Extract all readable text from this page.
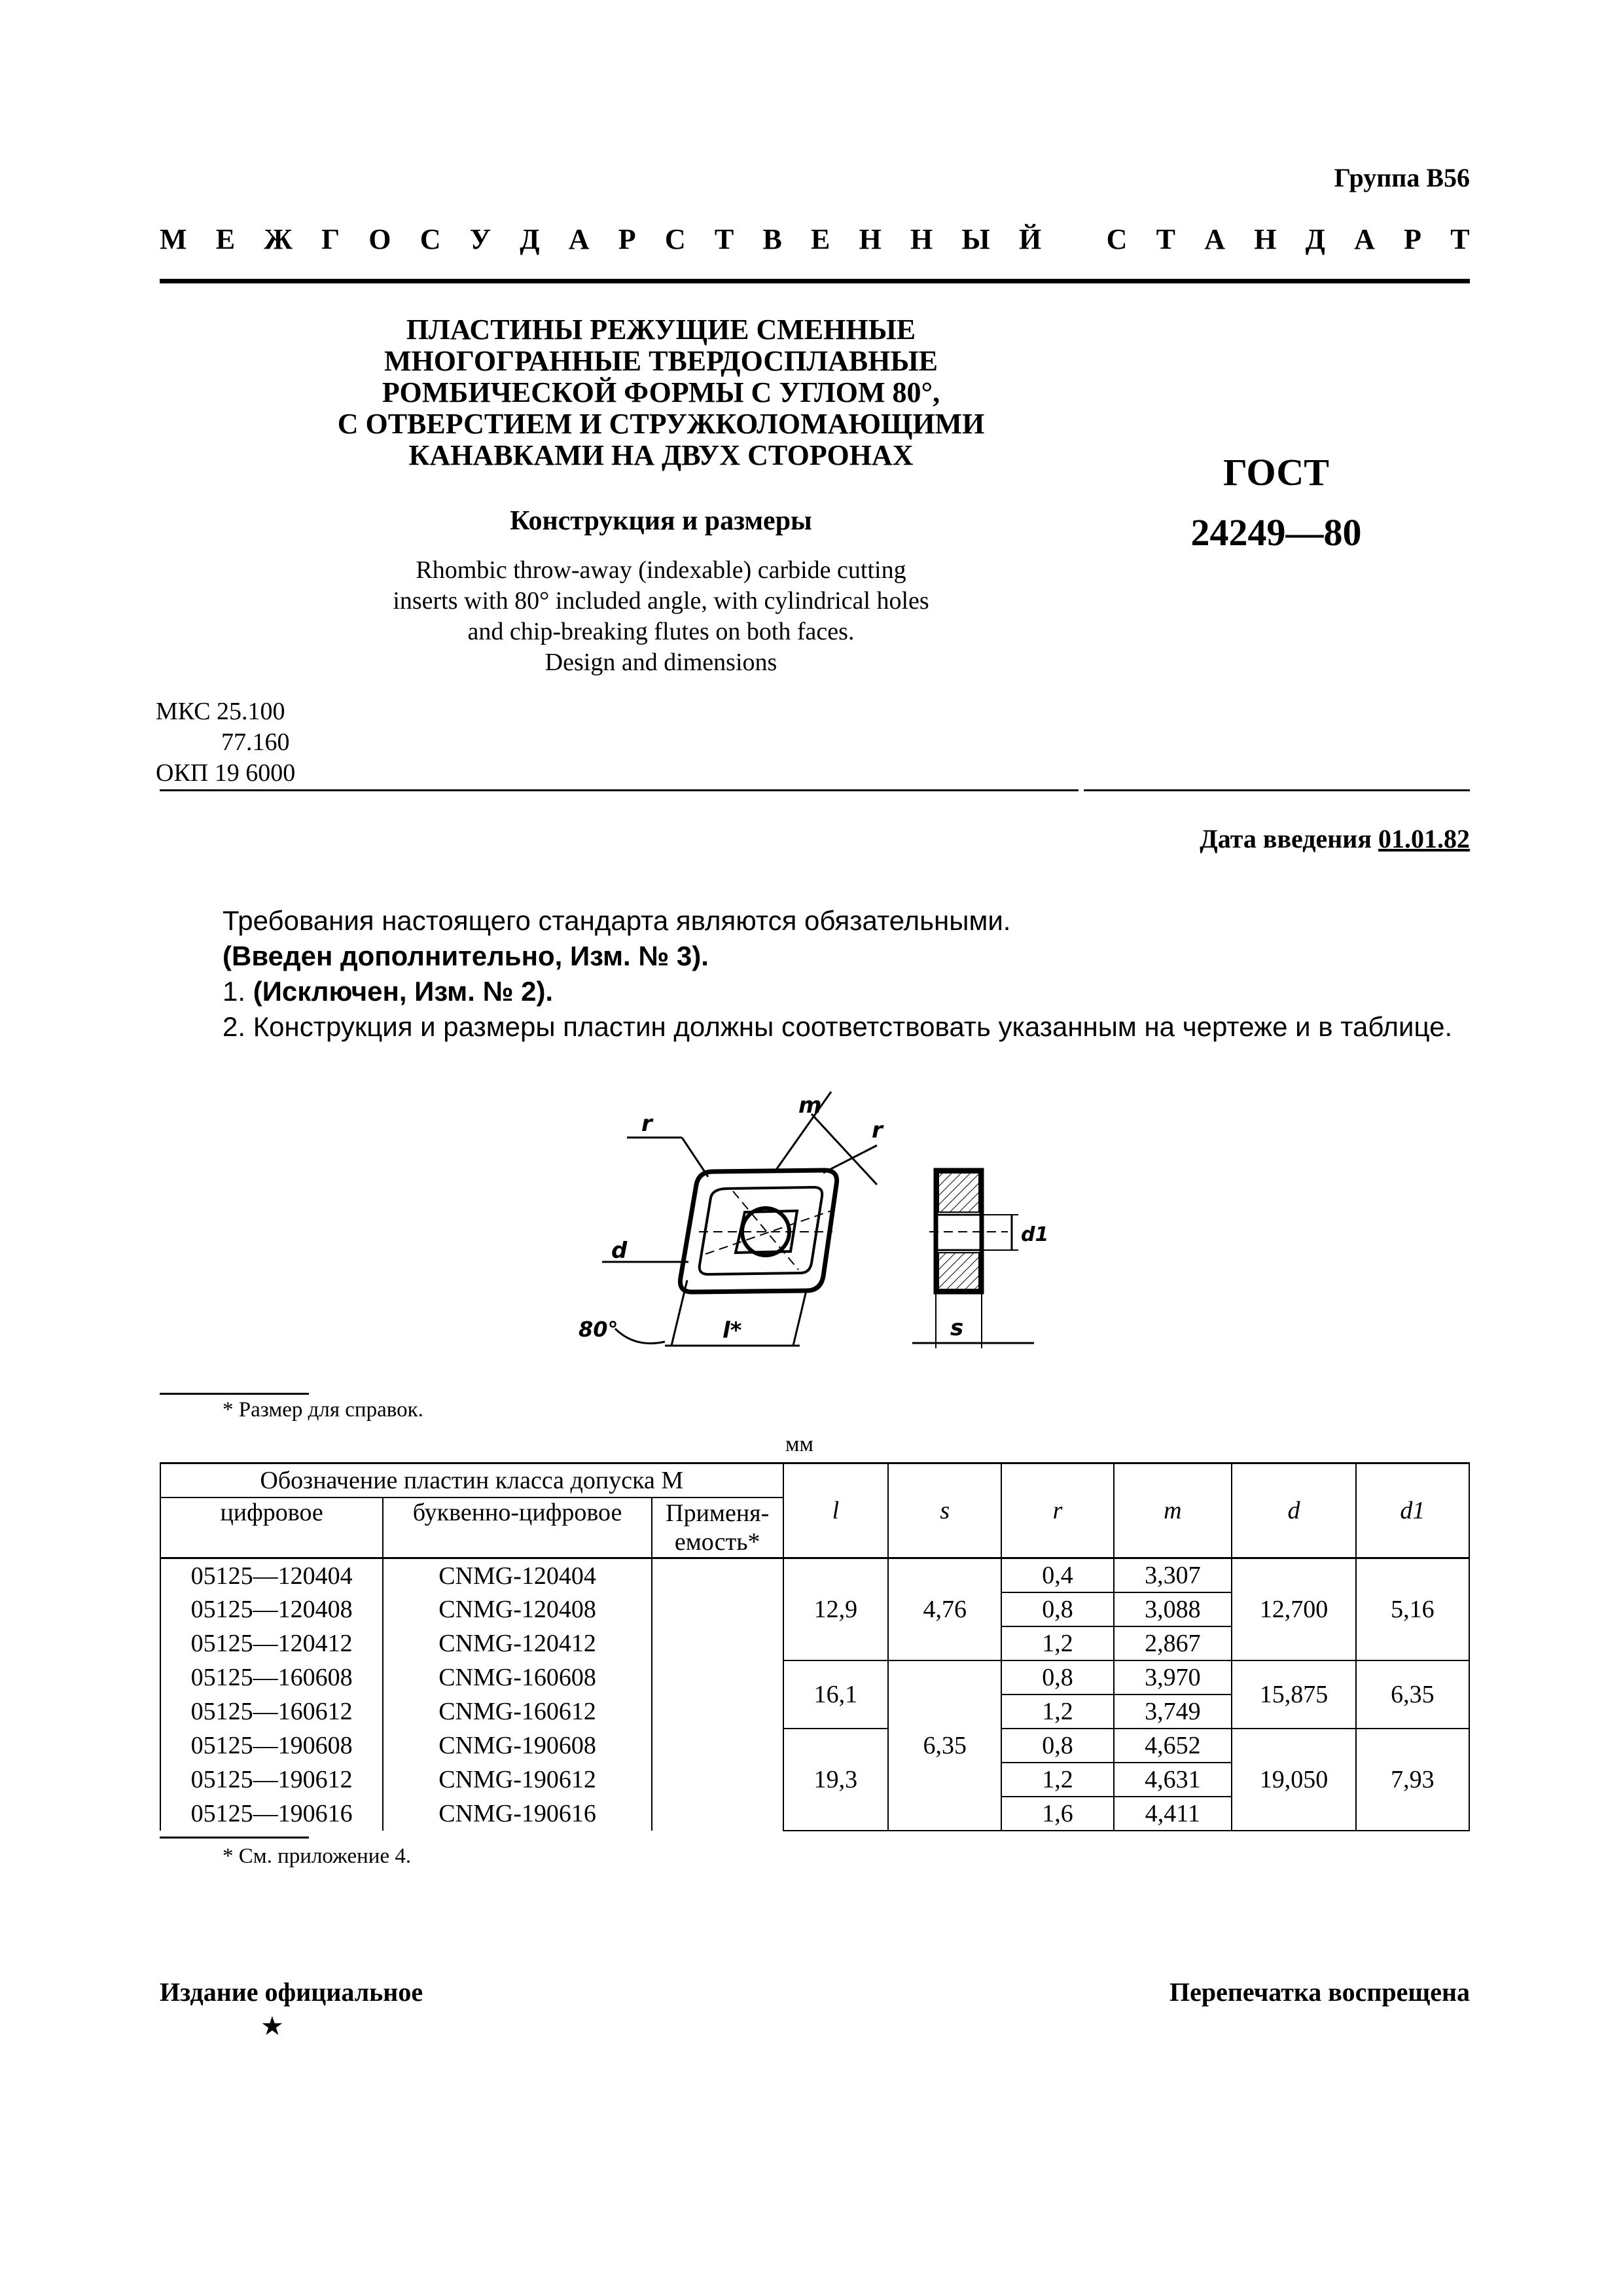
Группа В56
М Е Ж Г О С У Д А Р С Т В Е Н Н Ы Й
С Т А Н Д А Р Т
ПЛАСТИНЫ РЕЖУЩИЕ СМЕННЫЕ
МНОГОГРАННЫЕ ТВЕРДОСПЛАВНЫЕ
РОМБИЧЕСКОЙ ФОРМЫ С УГЛОМ 80°,
С ОТВЕРСТИЕМ И СТРУЖКОЛОМАЮЩИМИ
КАНАВКАМИ НА ДВУХ СТОРОНАХ	ГОСТ
24249—80
Конструкция и размеры
Rhombic throw-away (indexable) carbide cutting
inserts with 80° included angle, with cylindrical holes
and chip-breaking flutes on both faces.
Design and dimensions
МКС 25.100
77.160
ОКП 19 6000
Дата введения 01.01.82
Требования настоящего стандарта являются обязательными.
(Введен дополнительно, Изм. № 3).
1. (Исключен, Изм. № 2).
2. Конструкция и размеры пластин должны соответствовать указанным на чертеже и в таблице.
r	r
m
d
80°	l*	s
d1
* Размер для справок.
мм
Обозначение пластин класса допуска М			l	s	r	m	d	d1
цифровое	буквенно-цифровое	Применя-емость*						
05125—120404	CNMG-120404		12,9	4,76	0,4	3,307	12,700	5,16
05125—120408	CNMG-120408				0,8	3,088		
05125—120412	CNMG-120412				1,2	2,867		
05125—160608	CNMG-160608		16,1	6,35	0,8	3,970	15,875	6,35
05125—160612	CNMG-160612				1,2	3,749		
05125—190608	CNMG-190608		19,3		0,8	4,652	19,050	7,93
05125—190612	CNMG-190612				1,2	4,631		
05125—190616	CNMG-190616				1,6	4,411		
* См. приложение 4.
Издание официальное
★
Перепечатка воспрещена
